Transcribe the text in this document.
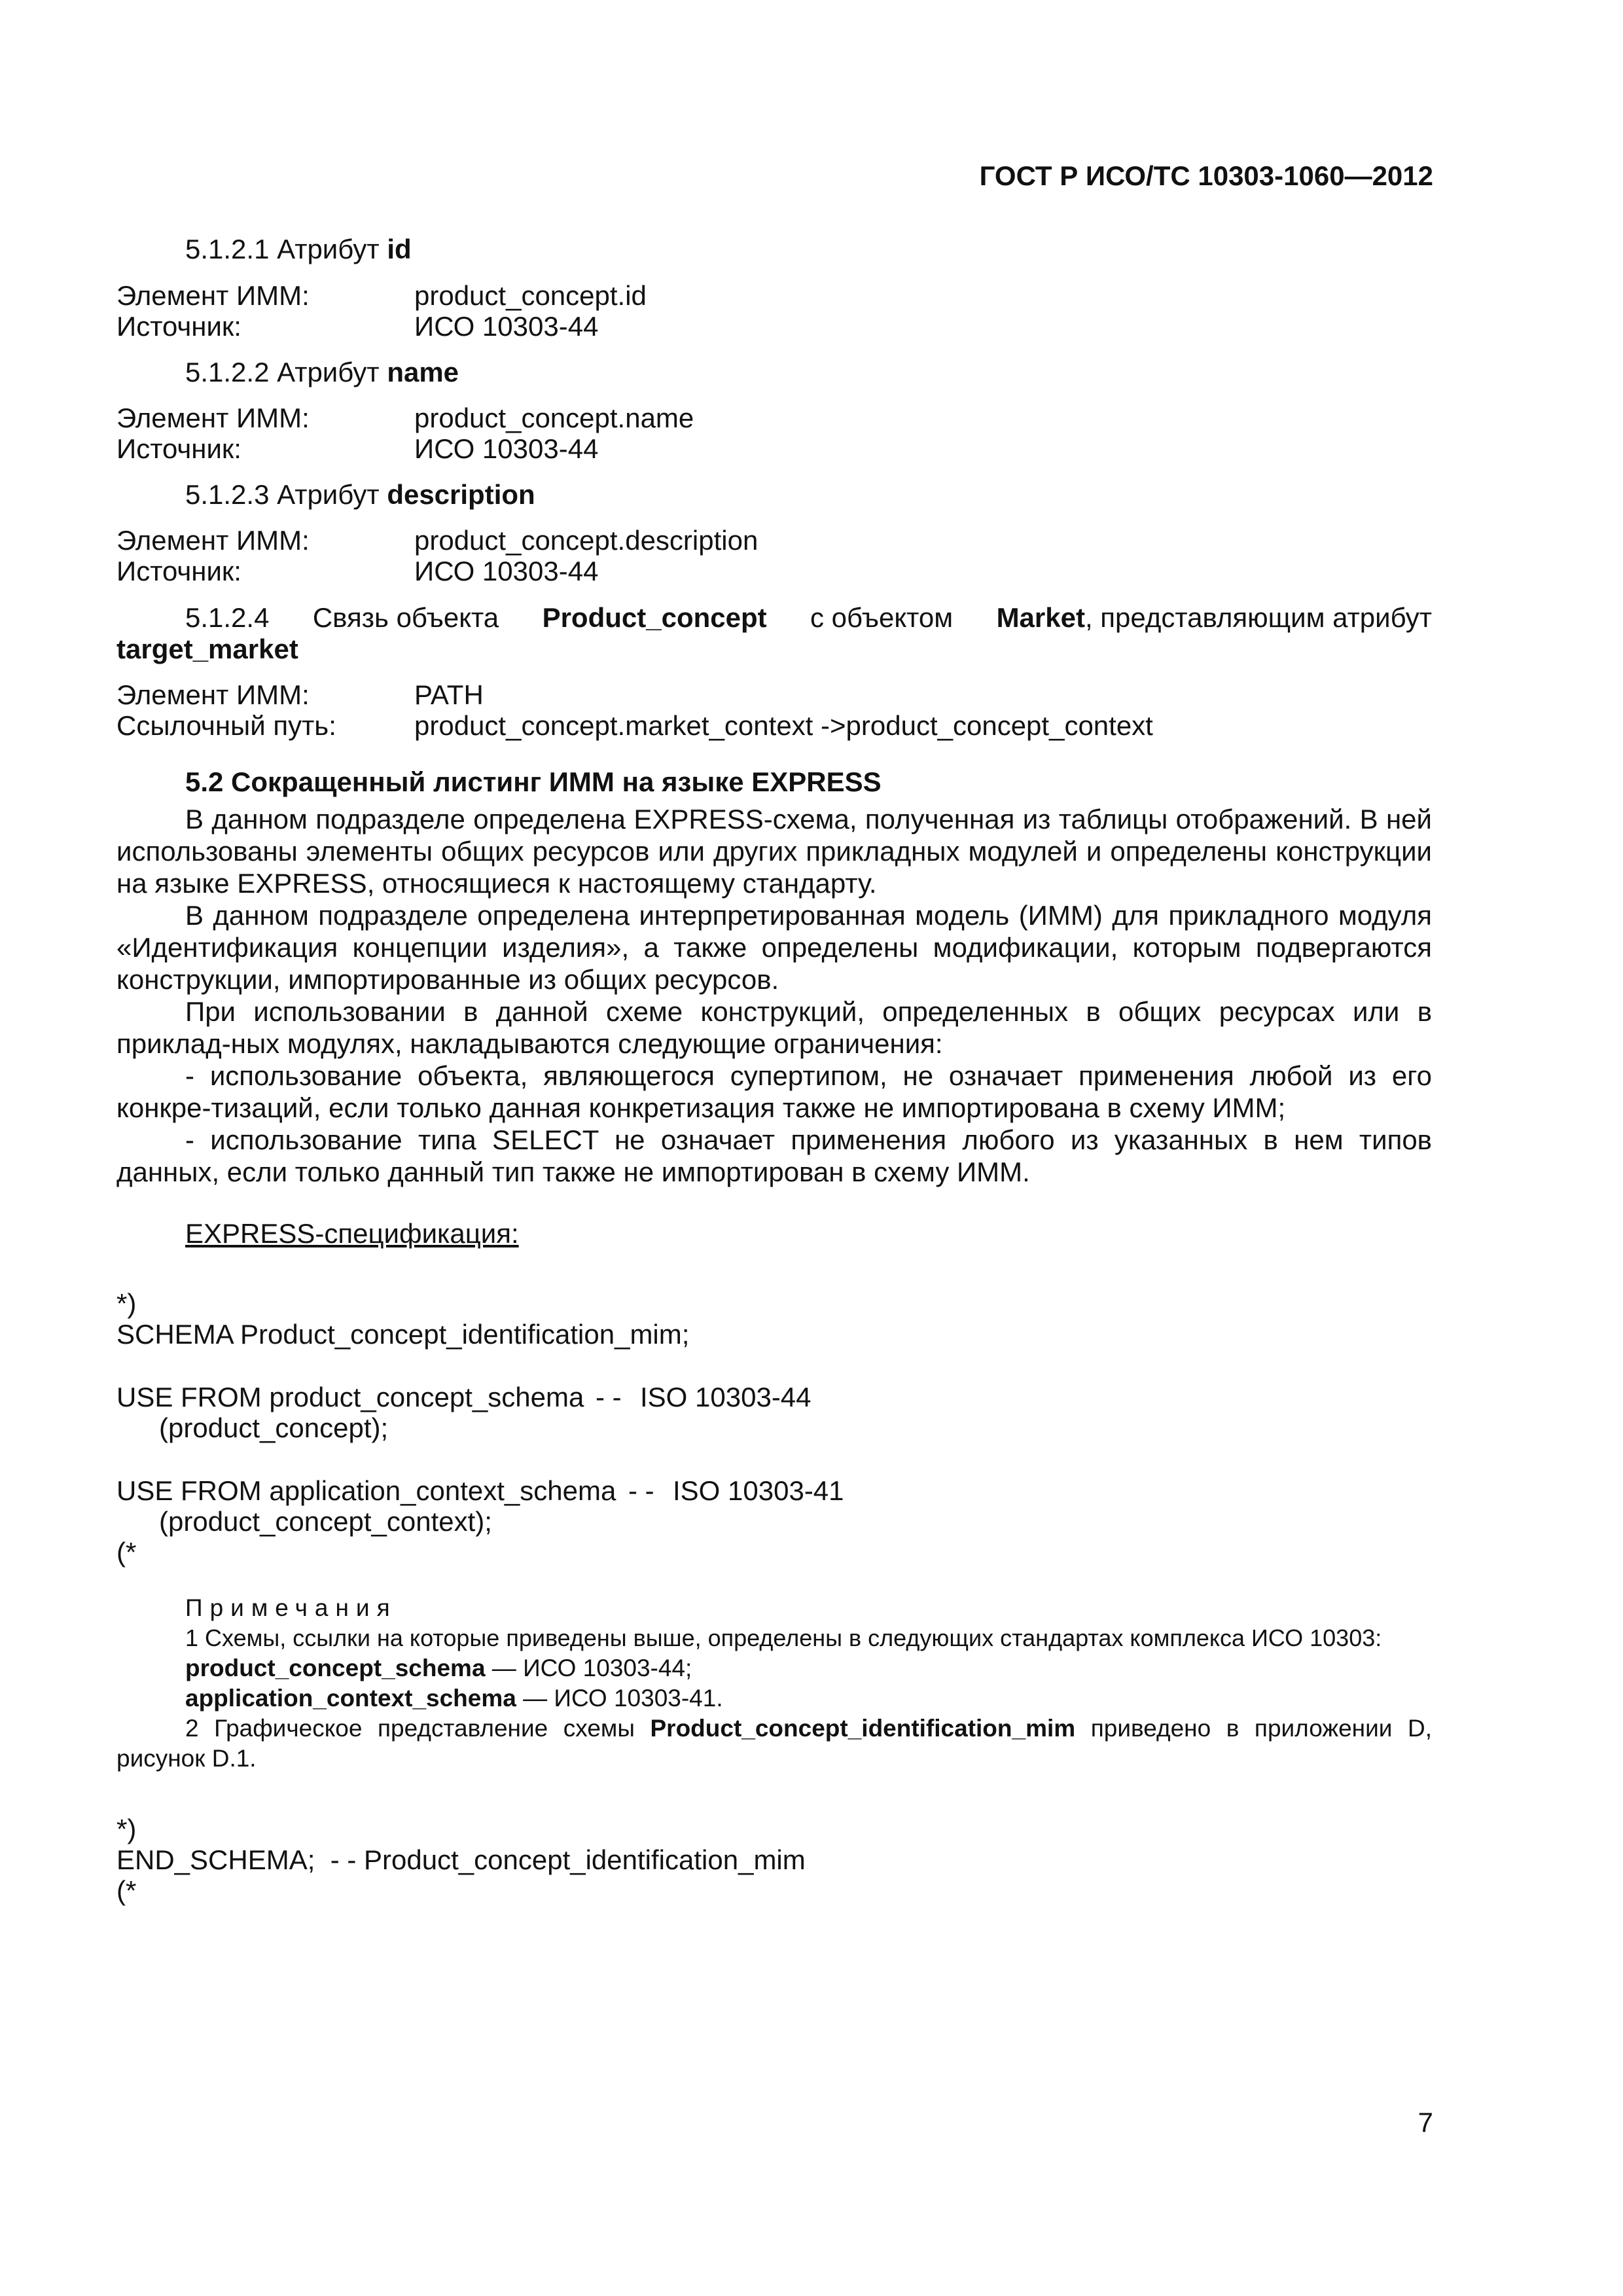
ГОСТ Р ИСО/ТС 10303-1060—2012
5.1.2.1 Атрибут id
Элемент ИММ:	product_concept.id
Источник:	ИСО 10303-44
5.1.2.2 Атрибут name
Элемент ИММ:	product_concept.name
Источник:	ИСО 10303-44
5.1.2.3 Атрибут description
Элемент ИММ:	product_concept.description
Источник:	ИСО 10303-44
5.1.2.4 Связь объекта Product_concept с объектом Market, представляющим атрибут
target_market
Элемент ИММ:	PATH
Ссылочный путь:	product_concept.market_context ->product_concept_context
5.2 Сокращенный листинг ИММ на языке EXPRESS
В данном подразделе определена EXPRESS-схема, полученная из таблицы отображений. В ней использованы элементы общих ресурсов или других прикладных модулей и определены конструкции на языке EXPRESS, относящиеся к настоящему стандарту.
В данном подразделе определена интерпретированная модель (ИММ) для прикладного модуля «Идентификация концепции изделия», а также определены модификации, которым подвергаются конструкции, импортированные из общих ресурсов.
При использовании в данной схеме конструкций, определенных в общих ресурсах или в приклад-ных модулях, накладываются следующие ограничения:
- использование объекта, являющегося супертипом, не означает применения любой из его конкре-тизаций, если только данная конкретизация также не импортирована в схему ИММ;
- использование типа SELECT не означает применения любого из указанных в нем типов данных, если только данный тип также не импортирован в схему ИММ.
EXPRESS-спецификация:
*)
SCHEMA Product_concept_identification_mim;
USE FROM product_concept_schema - - ISO 10303-44
(product_concept);
USE FROM application_context_schema - - ISO 10303-41
(product_concept_context);
(*
Примечания
1 Схемы, ссылки на которые приведены выше, определены в следующих стандартах комплекса ИСО 10303:
product_concept_schema — ИСО 10303-44;
application_context_schema — ИСО 10303-41.
2 Графическое представление схемы Product_concept_identification_mim приведено в приложении D, рисунок D.1.
*)
END_SCHEMA;  - - Product_concept_identification_mim
(*
7
